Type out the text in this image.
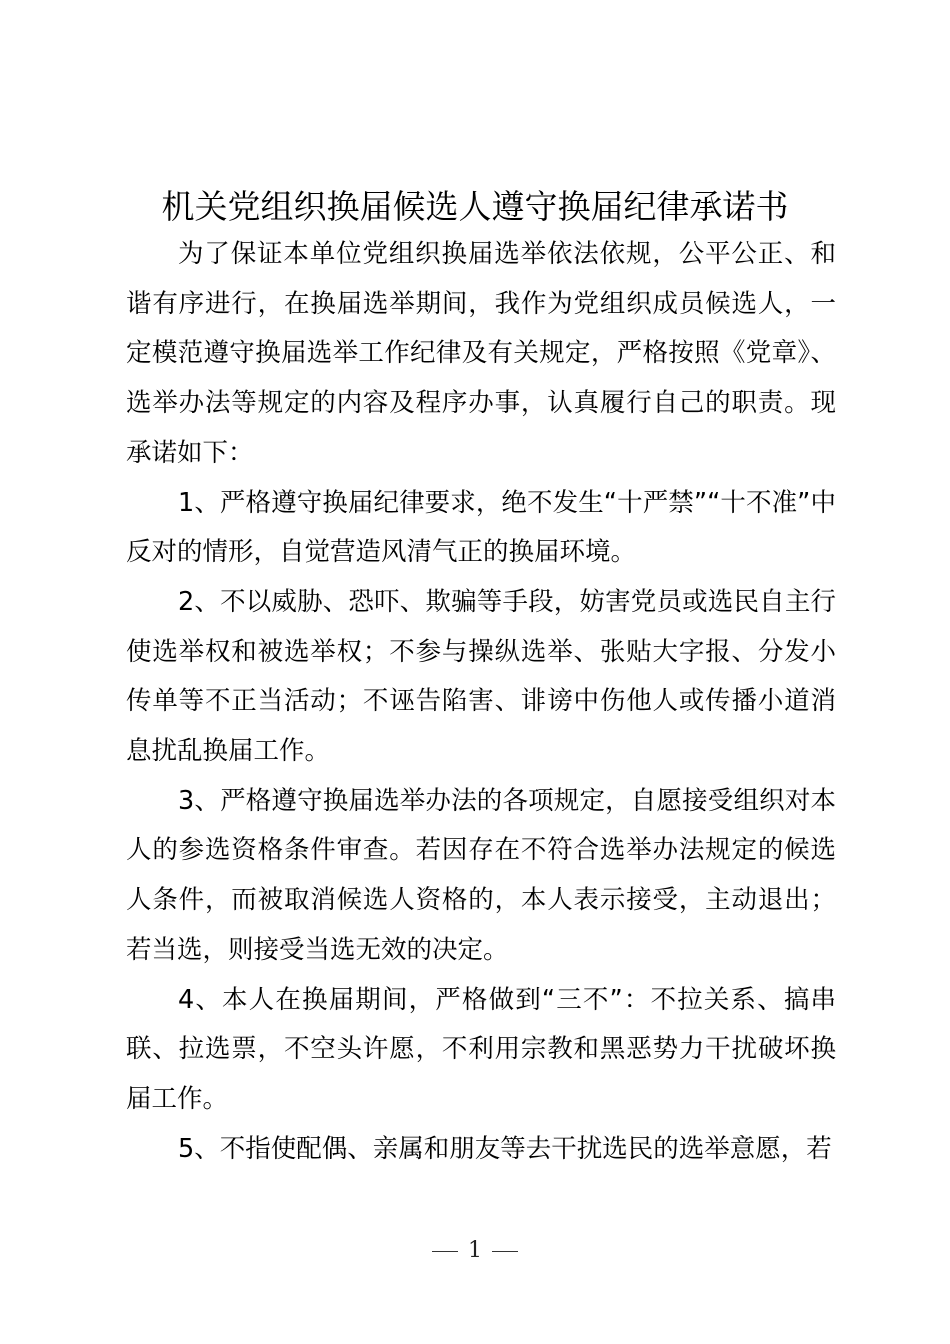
机关党组织换届候选人遵守换届纪律承诺书

为了保证本单位党组织换届选举依法依规，公平公正、和谐有序进行，在换届选举期间，我作为党组织成员候选人，一定模范遵守换届选举工作纪律及有关规定，严格按照《党章》、选举办法等规定的内容及程序办事，认真履行自己的职责。现承诺如下：

1、严格遵守换届纪律要求，绝不发生“十严禁”“十不准”中反对的情形，自觉营造风清气正的换届环境。

2、不以威胁、恐吓、欺骗等手段，妨害党员或选民自主行使选举权和被选举权；不参与操纵选举、张贴大字报、分发小传单等不正当活动；不诬告陷害、诽谤中伤他人或传播小道消息扰乱换届工作。

3、严格遵守换届选举办法的各项规定，自愿接受组织对本人的参选资格条件审查。若因存在不符合选举办法规定的候选人条件，而被取消候选人资格的，本人表示接受，主动退出；若当选，则接受当选无效的决定。

4、本人在换届期间，严格做到“三不”：不拉关系、搞串联、拉选票，不空头许愿，不利用宗教和黑恶势力干扰破坏换届工作。

5、不指使配偶、亲属和朋友等去干扰选民的选举意愿，若

1
